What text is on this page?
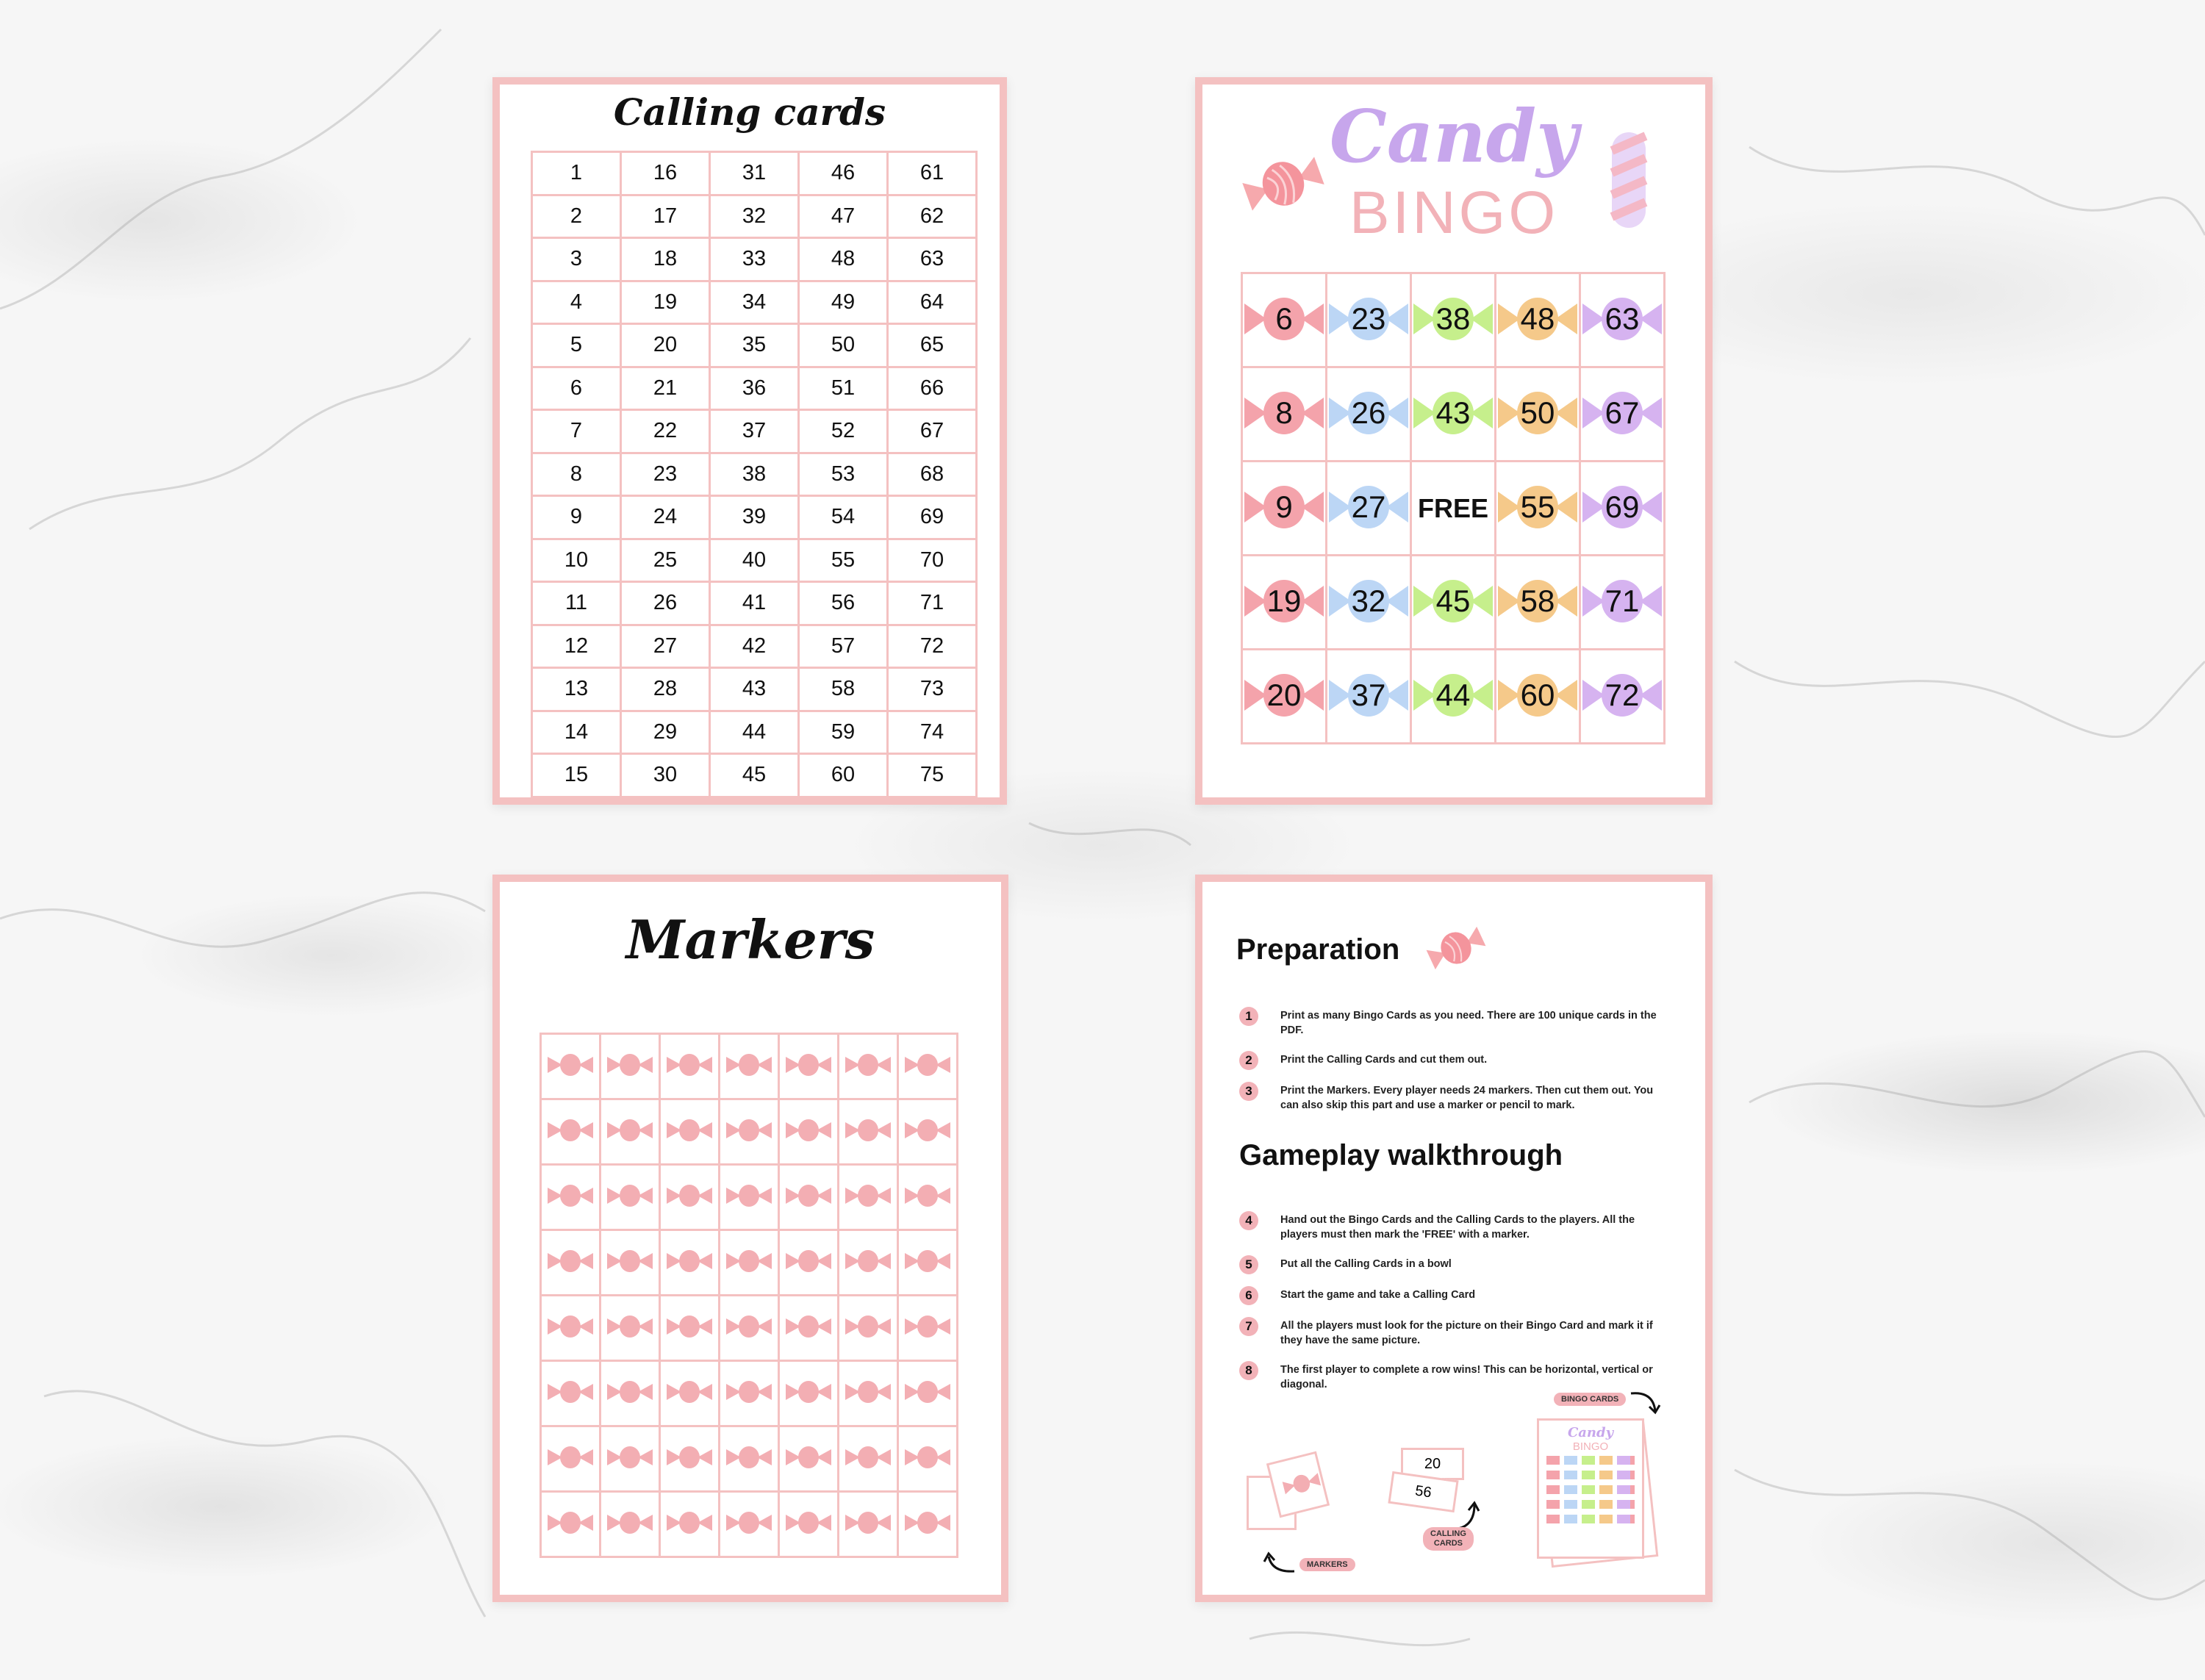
Calling cards
1	16	31	46	61
2	17	32	47	62
3	18	33	48	63
4	19	34	49	64
5	20	35	50	65
6	21	36	51	66
7	22	37	52	67
8	23	38	53	68
9	24	39	54	69
10	25	40	55	70
11	26	41	56	71
12	27	42	57	72
13	28	43	58	73
14	29	44	59	74
15	30	45	60	75
Candy
BINGO
6	23	38	48	63

8	26	43	50	67

9	27	FREE	55	69

19	32	45	58	71

20	37	44	60	72
Markers

		Preparation
1	Print as many Bingo Cards as you need. There are 100 unique cards in the PDF.
2	Print the Calling Cards and cut them out.
3	Print the Markers. Every player needs 24 markers. Then cut them out. You can also skip this part and use a marker or pencil to mark.
Gameplay walkthrough
4	Hand out the Bingo Cards and the Calling Cards to the players. All the players must then mark the 'FREE' with a marker.
5	Put all the Calling Cards in a bowl
6	Start the game and take a Calling Card
7	All the players must look for the picture on their Bingo Card and mark it if they have the same picture.
8	The first player to complete a row wins! This can be horizontal, vertical or diagonal.
BINGO CARDS
Candy
BINGO
20
56
CALLING
CARDS
MARKERS
